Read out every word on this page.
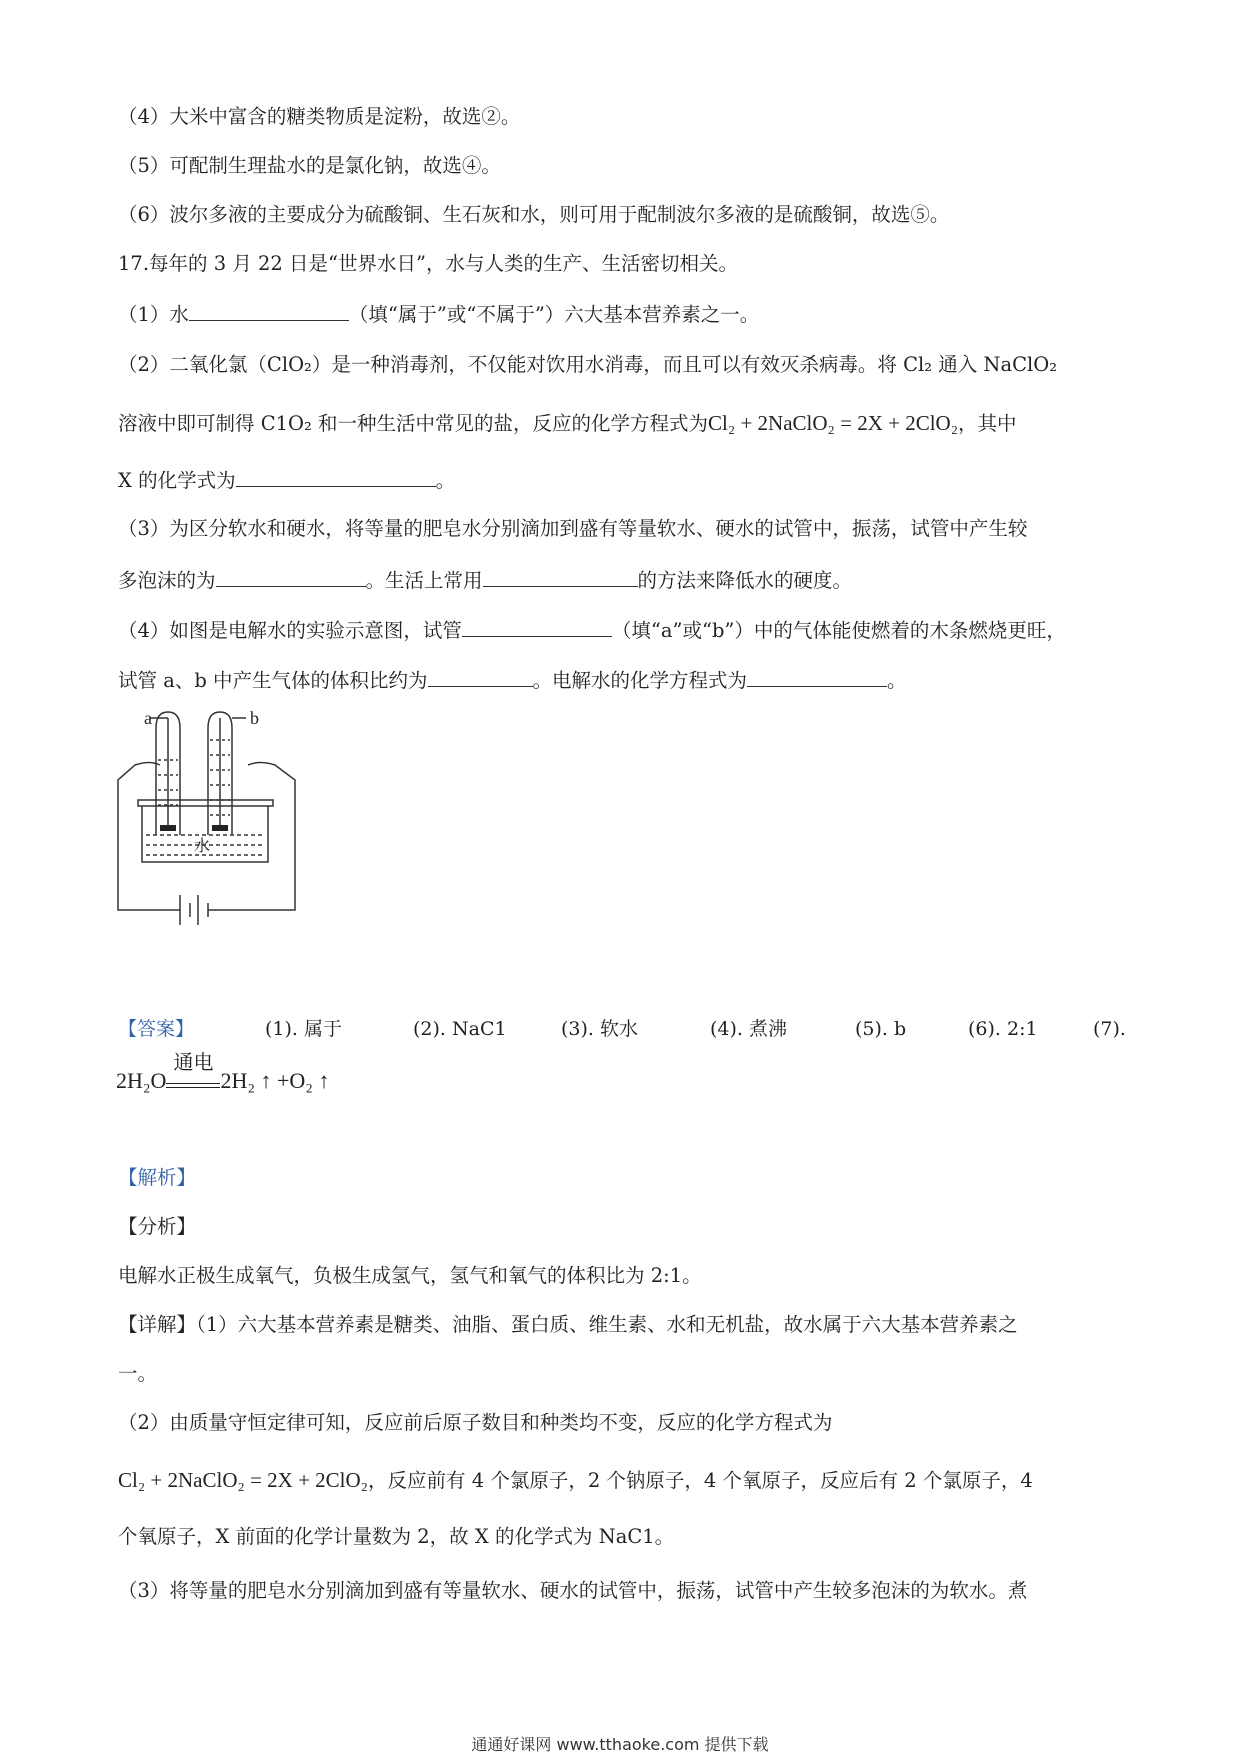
（4）大米中富含的糖类物质是淀粉，故选②。
（5）可配制生理盐水的是氯化钠，故选④。
（6）波尔多液的主要成分为硫酸铜、生石灰和水，则可用于配制波尔多液的是硫酸铜，故选⑤。
17.每年的 3 月 22 日是“世界水日”，水与人类的生产、生活密切相关。
（1）水	（填“属于”或“不属于”）六大基本营养素之一。
（2）二氧化氯（ClO₂）是一种消毒剂，不仅能对饮用水消毒，而且可以有效灭杀病毒。将 Cl₂ 通入 NaClO₂
溶液中即可制得 C1O₂ 和一种生活中常见的盐，反应的化学方程式为Cl₂ + 2NaClO₂ = 2X + 2ClO₂，其中
X 的化学式为	。
（3）为区分软水和硬水，将等量的肥皂水分别滴加到盛有等量软水、硬水的试管中，振荡，试管中产生较
多泡沫的为	。生活上常用	的方法来降低水的硬度。
（4）如图是电解水的实验示意图，试管	（填“a”或“b”）中的气体能使燃着的木条燃烧更旺，
试管 a、b 中产生气体的体积比约为	。电解水的化学方程式为	。
a	b
水
【答案】	(1). 属于	(2). NaC1	(3). 软水	(4). 煮沸	(5). b	(6). 2:1	(7).
2H₂O
通电
2H₂ ↑ +O₂ ↑
【解析】
【分析】
电解水正极生成氧气，负极生成氢气，氢气和氧气的体积比为 2:1。
【详解】（1）六大基本营养素是糖类、油脂、蛋白质、维生素、水和无机盐，故水属于六大基本营养素之
一。
（2）由质量守恒定律可知，反应前后原子数目和种类均不变，反应的化学方程式为
Cl₂ + 2NaClO₂ = 2X + 2ClO₂，反应前有 4 个氯原子，2 个钠原子，4 个氧原子，反应后有 2 个氯原子，4
个氧原子，X 前面的化学计量数为 2，故 X 的化学式为 NaC1。
（3）将等量的肥皂水分别滴加到盛有等量软水、硬水的试管中，振荡，试管中产生较多泡沫的为软水。煮
通通好课网 www.tthaoke.com 提供下载
